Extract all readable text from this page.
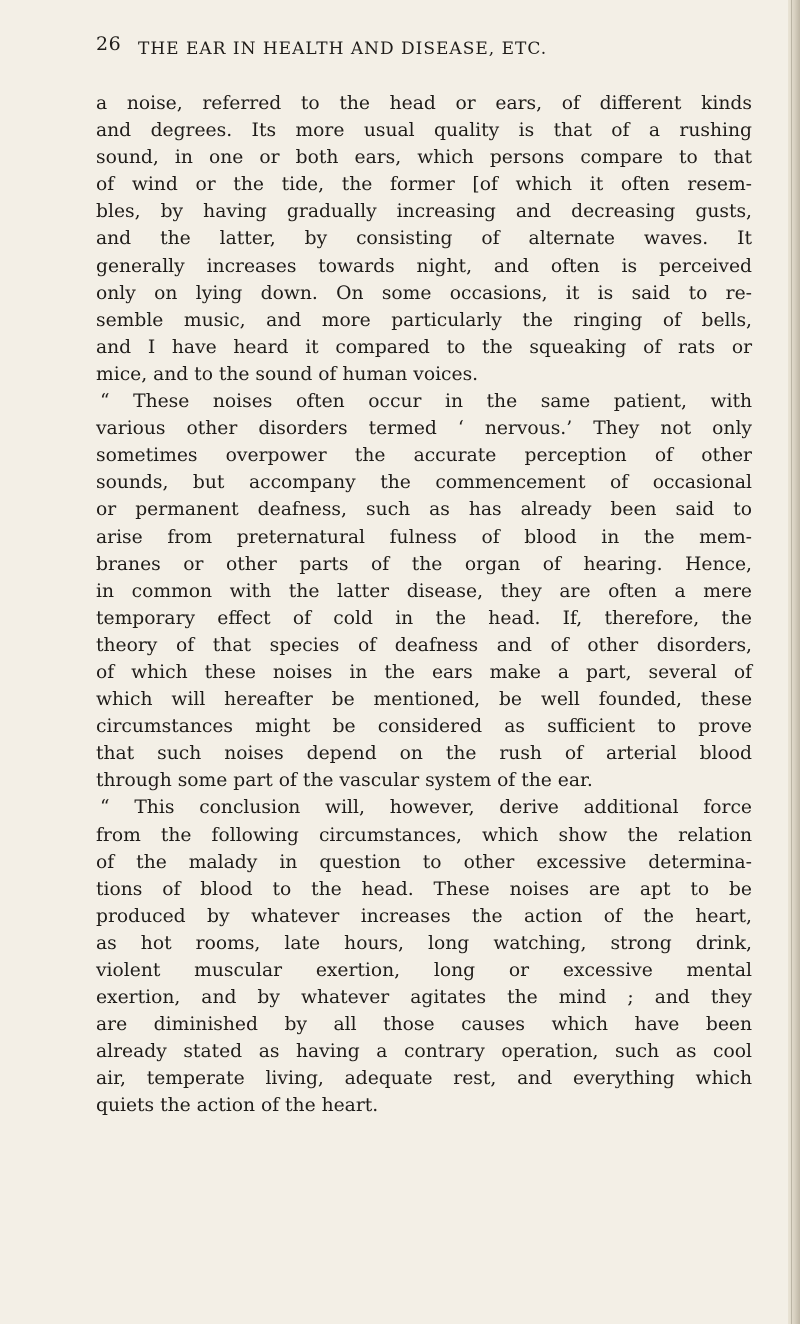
26 THE EAR IN HEALTH AND DISEASE, ETC.
a noise, referred to the head or ears, of different kinds
and degrees. Its more usual quality is that of a rushing
sound, in one or both ears, which persons compare to that
of wind or the tide, the former [of which it often resem-
bles, by having gradually increasing and decreasing gusts,
and the latter, by consisting of alternate waves. It
generally increases towards night, and often is perceived
only on lying down. On some occasions, it is said to re-
semble music, and more particularly the ringing of bells,
and I have heard it compared to the squeaking of rats or
mice, and to the sound of human voices.
“ These noises often occur in the same patient, with
various other disorders termed ‘ nervous.’ They not only
sometimes overpower the accurate perception of other
sounds, but accompany the commencement of occasional
or permanent deafness, such as has already been said to
arise from preternatural fulness of blood in the mem-
branes or other parts of the organ of hearing. Hence,
in common with the latter disease, they are often a mere
temporary effect of cold in the head. If, therefore, the
theory of that species of deafness and of other disorders,
of which these noises in the ears make a part, several of
which will hereafter be mentioned, be well founded, these
circumstances might be considered as sufficient to prove
that such noises depend on the rush of arterial blood
through some part of the vascular system of the ear.
“ This conclusion will, however, derive additional force
from the following circumstances, which show the relation
of the malady in question to other excessive determina-
tions of blood to the head. These noises are apt to be
produced by whatever increases the action of the heart,
as hot rooms, late hours, long watching, strong drink,
violent muscular exertion, long or excessive mental
exertion, and by whatever agitates the mind ; and they
are diminished by all those causes which have been
already stated as having a contrary operation, such as cool
air, temperate living, adequate rest, and everything which
quiets the action of the heart.
